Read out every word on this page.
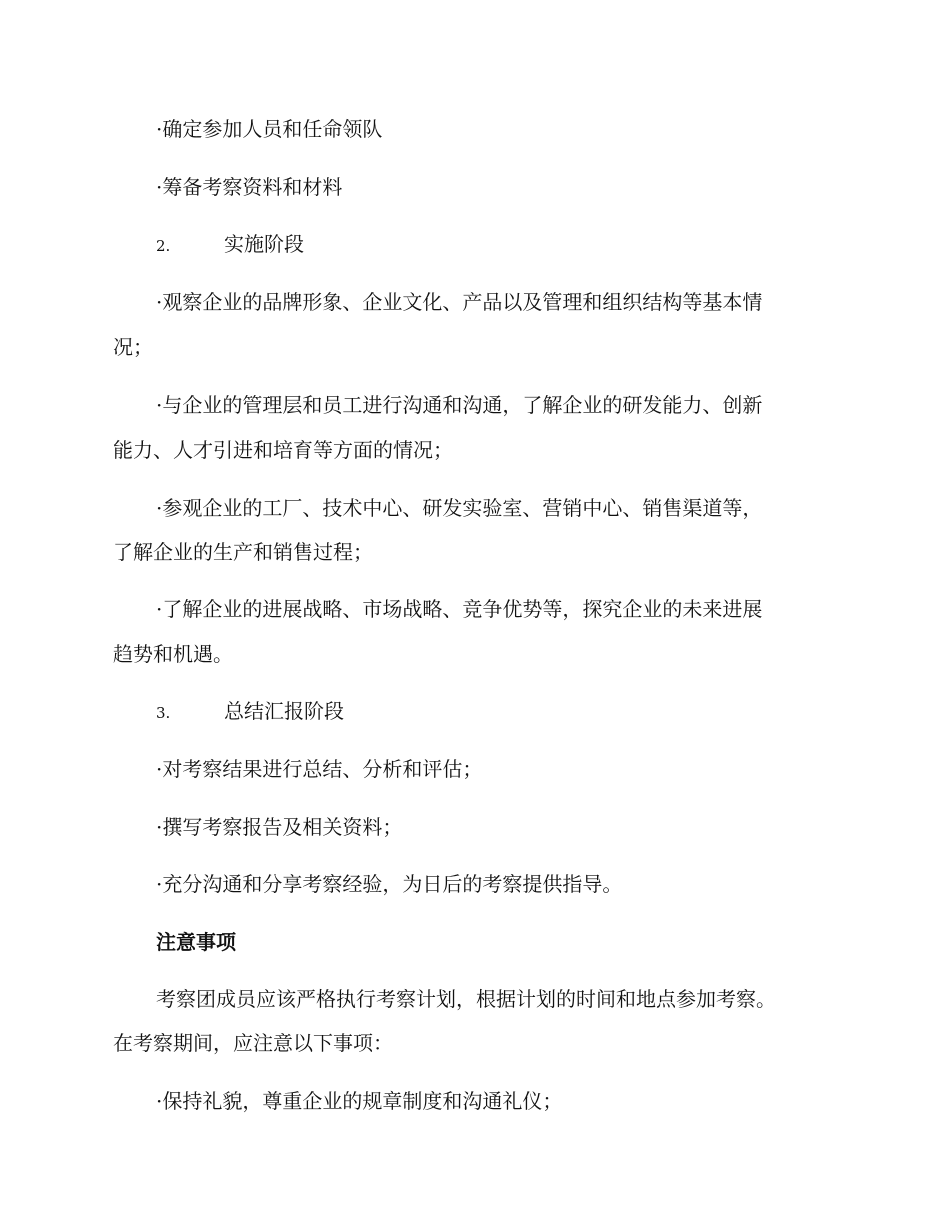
·确定参加人员和任命领队
·筹备考察资料和材料
2.	实施阶段
·观察企业的品牌形象、企业文化、产品以及管理和组织结构等基本情
况；
·与企业的管理层和员工进行沟通和沟通，了解企业的研发能力、创新
能力、人才引进和培育等方面的情况；
·参观企业的工厂、技术中心、研发实验室、营销中心、销售渠道等，
了解企业的生产和销售过程；
·了解企业的进展战略、市场战略、竞争优势等，探究企业的未来进展
趋势和机遇。
3.	总结汇报阶段
·对考察结果进行总结、分析和评估；
·撰写考察报告及相关资料；
·充分沟通和分享考察经验，为日后的考察提供指导。
注意事项
考察团成员应该严格执行考察计划，根据计划的时间和地点参加考察。
在考察期间，应注意以下事项：
·保持礼貌，尊重企业的规章制度和沟通礼仪；
